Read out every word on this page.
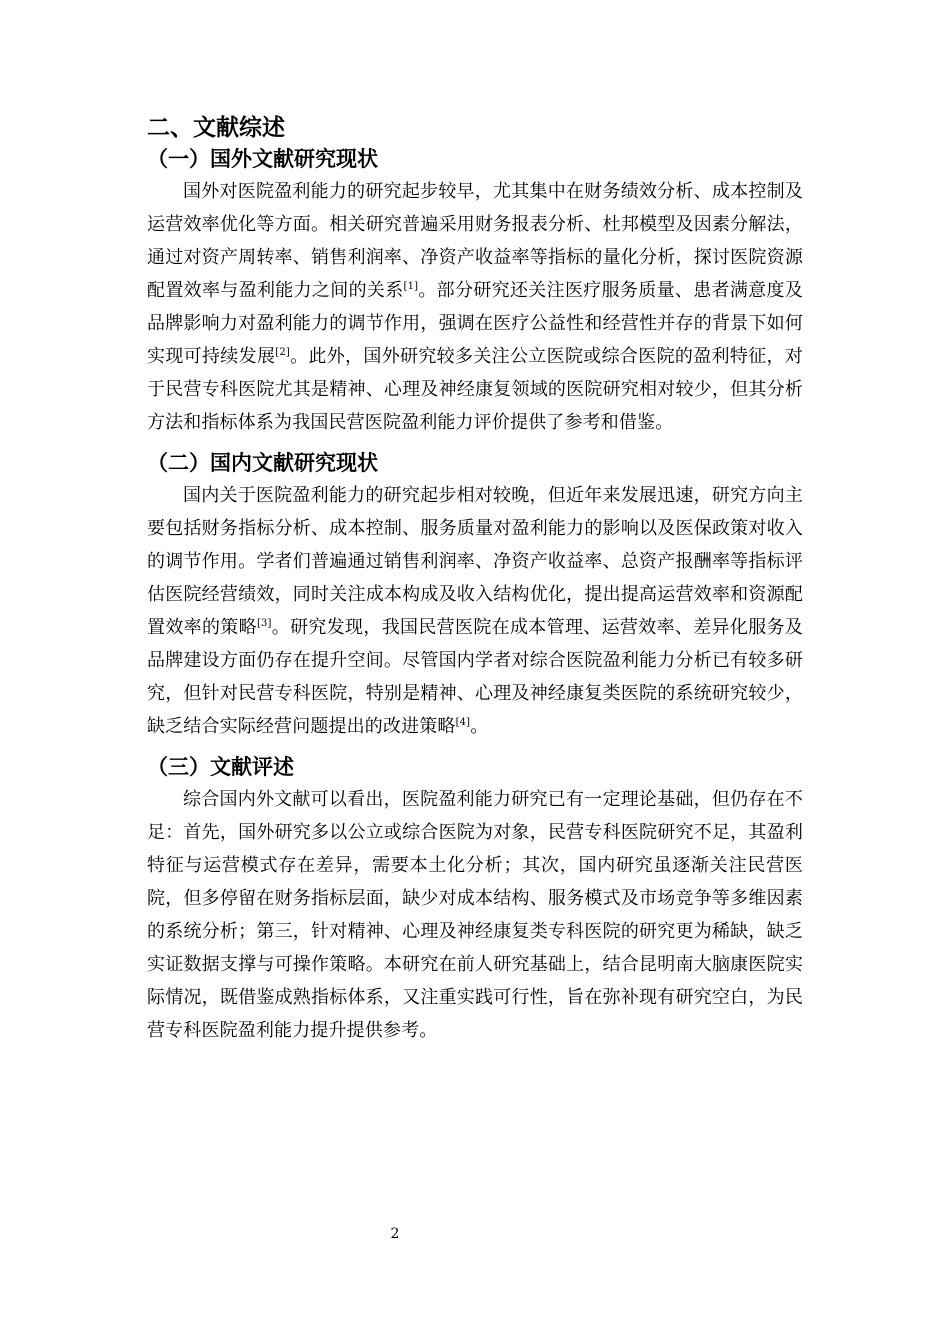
二、文献综述
（一）国外文献研究现状

国外对医院盈利能力的研究起步较早，尤其集中在财务绩效分析、成本控制及运营效率优化等方面。相关研究普遍采用财务报表分析、杜邦模型及因素分解法，通过对资产周转率、销售利润率、净资产收益率等指标的量化分析，探讨医院资源配置效率与盈利能力之间的关系[1]。部分研究还关注医疗服务质量、患者满意度及品牌影响力对盈利能力的调节作用，强调在医疗公益性和经营性并存的背景下如何实现可持续发展[2]。此外，国外研究较多关注公立医院或综合医院的盈利特征，对于民营专科医院尤其是精神、心理及神经康复领域的医院研究相对较少，但其分析方法和指标体系为我国民营医院盈利能力评价提供了参考和借鉴。

（二）国内文献研究现状

国内关于医院盈利能力的研究起步相对较晚，但近年来发展迅速，研究方向主要包括财务指标分析、成本控制、服务质量对盈利能力的影响以及医保政策对收入的调节作用。学者们普遍通过销售利润率、净资产收益率、总资产报酬率等指标评估医院经营绩效，同时关注成本构成及收入结构优化，提出提高运营效率和资源配置效率的策略[3]。研究发现，我国民营医院在成本管理、运营效率、差异化服务及品牌建设方面仍存在提升空间。尽管国内学者对综合医院盈利能力分析已有较多研究，但针对民营专科医院，特别是精神、心理及神经康复类医院的系统研究较少，缺乏结合实际经营问题提出的改进策略[4]。

（三）文献评述

综合国内外文献可以看出，医院盈利能力研究已有一定理论基础，但仍存在不足：首先，国外研究多以公立或综合医院为对象，民营专科医院研究不足，其盈利特征与运营模式存在差异，需要本土化分析；其次，国内研究虽逐渐关注民营医院，但多停留在财务指标层面，缺少对成本结构、服务模式及市场竞争等多维因素的系统分析；第三，针对精神、心理及神经康复类专科医院的研究更为稀缺，缺乏实证数据支撑与可操作策略。本研究在前人研究基础上，结合昆明南大脑康医院实际情况，既借鉴成熟指标体系，又注重实践可行性，旨在弥补现有研究空白，为民营专科医院盈利能力提升提供参考。

2
